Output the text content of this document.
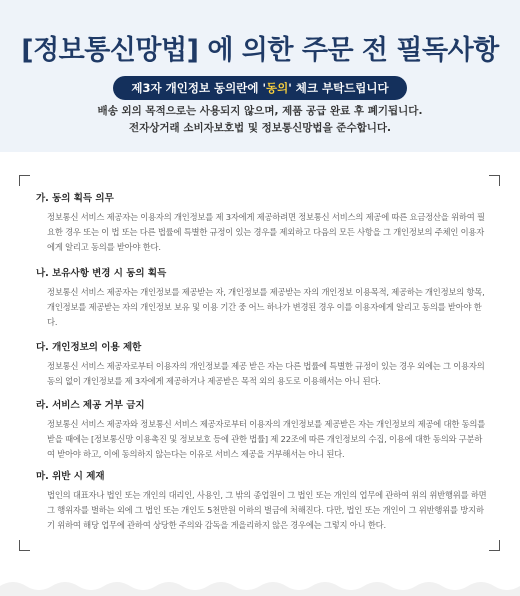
[정보통신망법] 에 의한 주문 전 필독사항
제3자 개인정보 동의란에 '동의' 체크 부탁드립니다
배송 외의 목적으로는 사용되지 않으며, 제품 공급 완료 후 폐기됩니다.
전자상거래 소비자보호법 및 정보통신망법을 준수합니다.

가. 동의 획득 의무

정보통신 서비스 제공자는 이용자의 개인정보를 제 3자에게 제공하려면 정보통신 서비스의 제공에 따른 요금정산을 위하여 필요한 경우 또는 이 법 또는 다른 법률에 특별한 규정이 있는 경우를 제외하고 다음의 모든 사항을 그 개인정보의 주체인 이용자에게 알리고 동의를 받아야 한다.

나. 보유사항 변경 시 동의 획득

정보통신 서비스 제공자는 개인정보를 제공받는 자, 개인정보를 제공받는 자의 개인정보 이용목적, 제공하는 개인정보의 항목, 개인정보를 제공받는 자의 개인정보 보유 및 이용 기간 중 어느 하나가 변경된 경우 이를 이용자에게 알리고 동의를 받아야 한다.

다. 개인정보의 이용 제한

정보통신 서비스 제공자로부터 이용자의 개인정보를 제공 받은 자는 다른 법률에 특별한 규정이 있는 경우 외에는 그 이용자의 동의 없이 개인정보를 제 3자에게 제공하거나 제공받은 목적 외의 용도로 이용해서는 아니 된다.

라. 서비스 제공 거부 금지

정보통신 서비스 제공자와 정보통신 서비스 제공자로부터 이용자의 개인정보를 제공받은 자는 개인정보의 제공에 대한 동의를 받을 때에는 [정보통신망 이용촉진 및 정보보호 등에 관한 법률] 제 22조에 따른 개인정보의 수집, 이용에 대한 동의와 구분하여 받아야 하고, 이에 동의하지 않는다는 이유로 서비스 제공을 거부해서는 아니 된다.

마. 위반 시 제재

법인의 대표자나 법인 또는 개인의 대리인, 사용인, 그 밖의 종업원이 그 법인 또는 개인의 업무에 관하여 위의 위반행위를 하면 그 행위자를 벌하는 외에 그 법인 또는 개인도 5천만원 이하의 벌금에 처해진다. 다만, 법인 또는 개인이 그 위반행위를 방지하기 위하여 해당 업무에 관하여 상당한 주의와 감독을 게을리하지 않은 경우에는 그렇지 아니 한다.
